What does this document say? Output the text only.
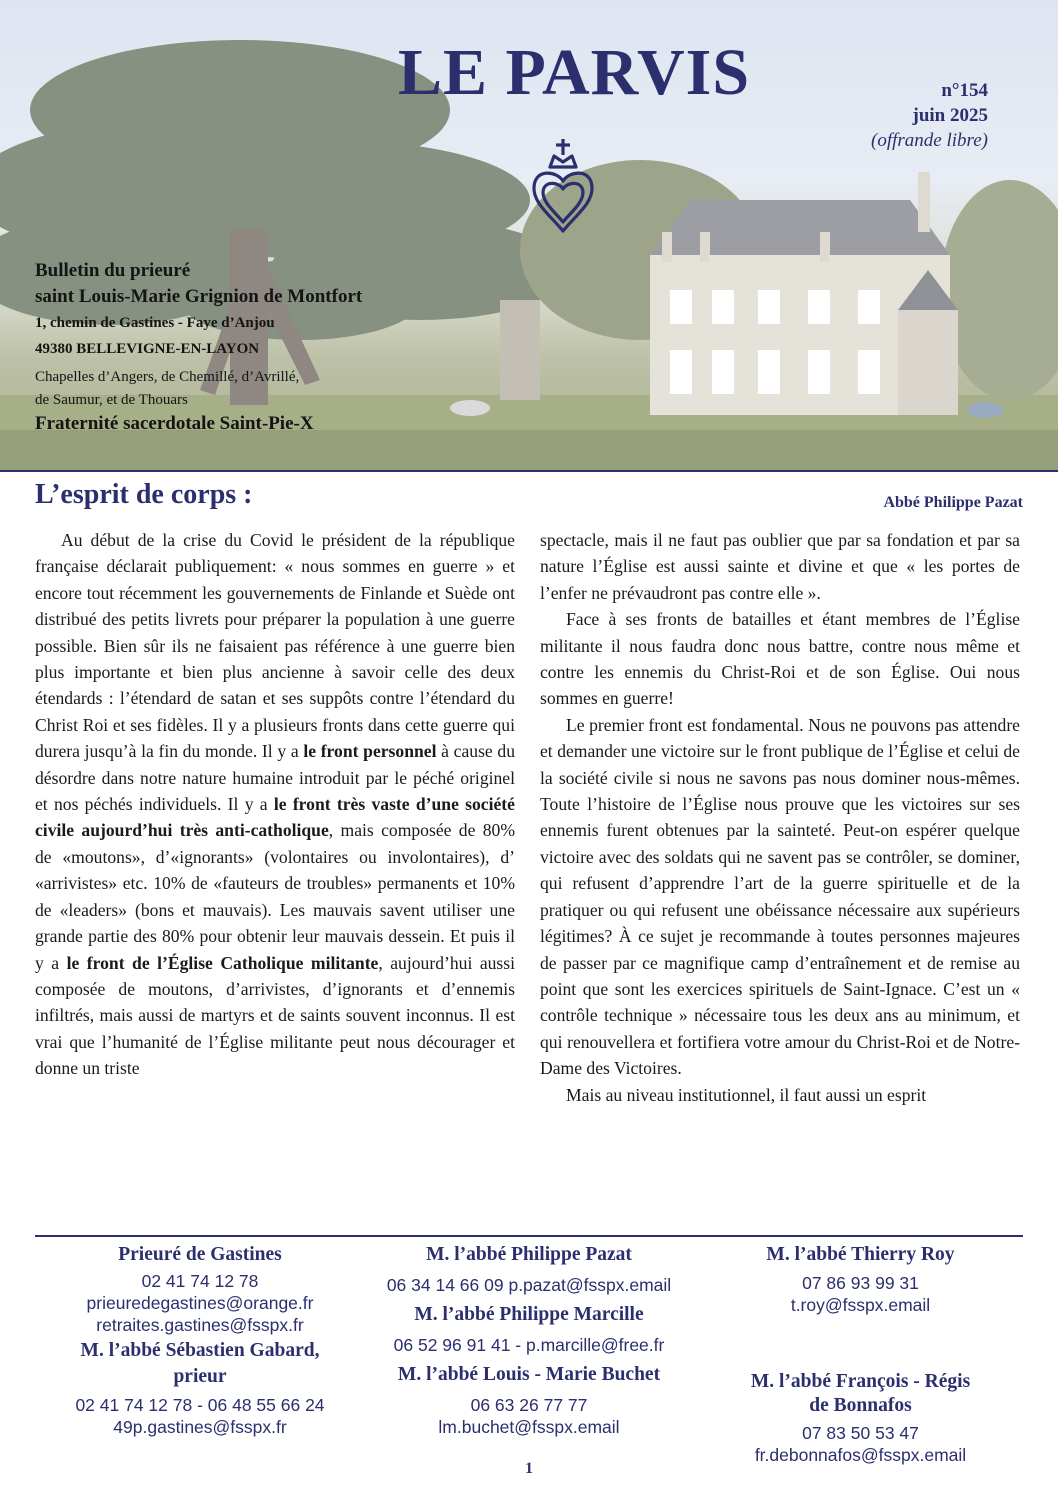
LE PARVIS	n°154
juin 2025
(offrande libre)
Bulletin du prieuré
saint Louis-Marie Grignion de Montfort
1, chemin de Gastines - Faye d’Anjou
49380 BELLEVIGNE-EN-LAYON
Chapelles d’Angers, de Chemillé, d’Avrillé,
de Saumur, et de Thouars
Fraternité sacerdotale Saint-Pie-X
L’esprit de corps :	Abbé Philippe Pazat

Au début de la crise du Covid le président de la république française déclarait publiquement: « nous sommes en guerre » et encore tout récemment les gouvernements de Finlande et Suède ont distribué des petits livrets pour préparer la population à une guerre possible. Bien sûr ils ne faisaient pas référence à une guerre bien plus importante et bien plus ancienne à savoir celle des deux étendards : l’étendard de satan et ses suppôts contre l’étendard du Christ Roi et ses fidèles. Il y a plusieurs fronts dans cette guerre qui durera jusqu’à la fin du monde. Il y a le front personnel à cause du désordre dans notre nature humaine introduit par le péché originel et nos péchés individuels. Il y a le front très vaste d’une société civile aujourd’hui très anti-catholique, mais composée de 80% de «moutons», d’«ignorants» (volontaires ou involontaires), d’ «arrivistes» etc. 10% de «fauteurs de troubles» permanents et 10% de «leaders» (bons et mauvais). Les mauvais savent utiliser une grande partie des 80% pour obtenir leur mauvais dessein. Et puis il y a le front de l’Église Catholique militante, aujourd’hui aussi composée de moutons, d’arrivistes, d’ignorants et d’ennemis infiltrés, mais aussi de martyrs et de saints souvent inconnus. Il est vrai que l’humanité de l’Église militante peut nous décourager et donne un triste

spectacle, mais il ne faut pas oublier que par sa fondation et par sa nature l’Église est aussi sainte et divine et que « les portes de l’enfer ne prévaudront pas contre elle ».

Face à ses fronts de batailles et étant membres de l’Église militante il nous faudra donc nous battre, contre nous même et contre les ennemis du Christ-Roi et de son Église. Oui nous sommes en guerre!

Le premier front est fondamental. Nous ne pouvons pas attendre et demander une victoire sur le front publique de l’Église et celui de la société civile si nous ne savons pas nous dominer nous-mêmes. Toute l’histoire de l’Église nous prouve que les victoires sur ses ennemis furent obtenues par la sainteté. Peut-on espérer quelque victoire avec des soldats qui ne savent pas se contrôler, se dominer, qui refusent d’apprendre l’art de la guerre spirituelle et de la pratiquer ou qui refusent une obéissance nécessaire aux supérieurs légitimes? À ce sujet je recommande à toutes personnes majeures de passer par ce magnifique camp d’entraînement et de remise au point que sont les exercices spirituels de Saint-Ignace. C’est un « contrôle technique » nécessaire tous les deux ans au minimum, et qui renouvellera et fortifiera votre amour du Christ-Roi et de Notre-Dame des Victoires.

Mais au niveau institutionnel, il faut aussi un esprit

Prieuré de Gastines
02 41 74 12 78
prieuredegastines@orange.fr
retraites.gastines@fsspx.fr
M. l’abbé Sébastien Gabard,
prieur
02 41 74 12 78 - 06 48 55 66 24
49p.gastines@fsspx.fr
M. l’abbé Philippe Pazat
06 34 14 66 09 p.pazat@fsspx.email
M. l’abbé Philippe Marcille
06 52 96 91 41 - p.marcille@free.fr
M. l’abbé Louis - Marie Buchet
06 63 26 77 77
lm.buchet@fsspx.email
M. l’abbé Thierry Roy
07 86 93 99 31
t.roy@fsspx.email
M. l’abbé François - Régis
de Bonnafos
07 83 50 53 47
fr.debonnafos@fsspx.email
1
